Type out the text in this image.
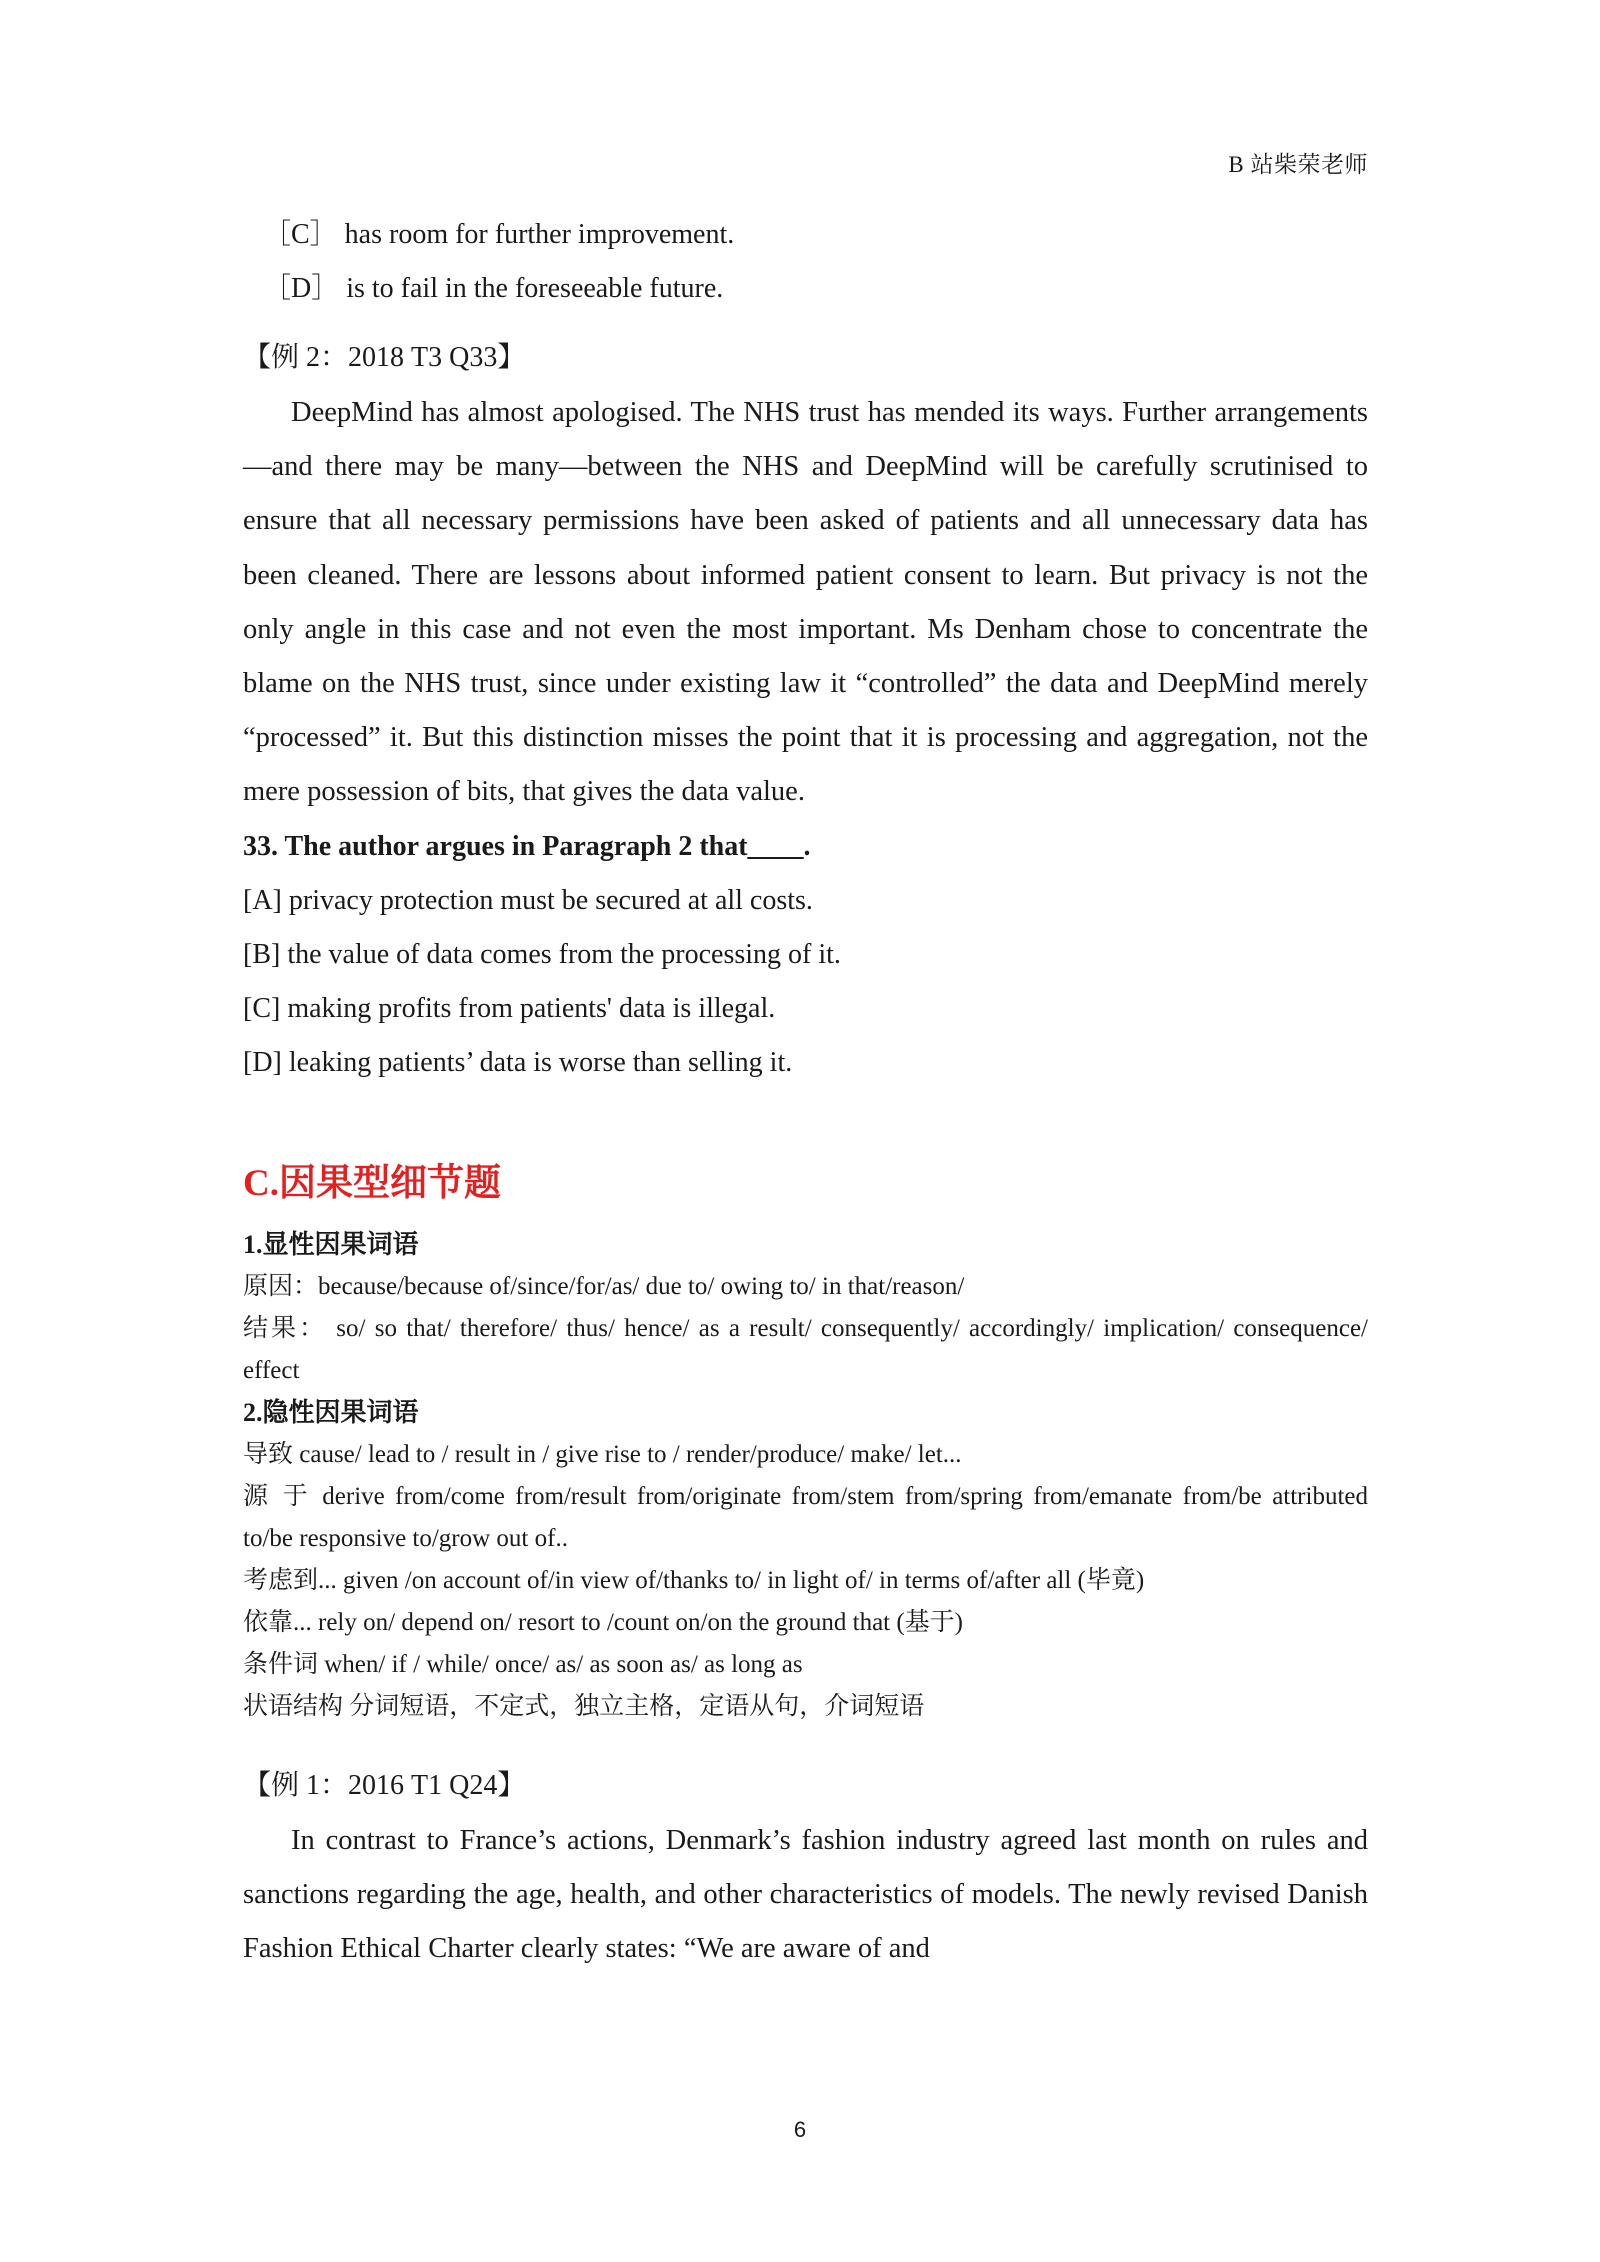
B 站柴荣老师
［C］ has room for further improvement.
［D］ is to fail in the foreseeable future.
【例 2：2018 T3 Q33】

DeepMind has almost apologised. The NHS trust has mended its ways. Further arrangements—and there may be many—between the NHS and DeepMind will be carefully scrutinised to ensure that all necessary permissions have been asked of patients and all unnecessary data has been cleaned. There are lessons about informed patient consent to learn. But privacy is not the only angle in this case and not even the most important. Ms Denham chose to concentrate the blame on the NHS trust, since under existing law it “controlled” the data and DeepMind merely “processed” it. But this distinction misses the point that it is processing and aggregation, not the mere possession of bits, that gives the data value.

33. The author argues in Paragraph 2 that____.
[A] privacy protection must be secured at all costs.
[B] the value of data comes from the processing of it.
[C] making profits from patients' data is illegal.
[D] leaking patients’ data is worse than selling it.
C.因果型细节题
1.显性因果词语
原因：because/because of/since/for/as/ due to/ owing to/ in that/reason/
结果： so/ so that/ therefore/ thus/ hence/ as a result/ consequently/ accordingly/ implication/ consequence/ effect
2.隐性因果词语
导致 cause/ lead to / result in / give rise to / render/produce/ make/ let...
源 于 derive from/come from/result from/originate from/stem from/spring from/emanate from/be attributed to/be responsive to/grow out of..
考虑到... given /on account of/in view of/thanks to/ in light of/ in terms of/after all (毕竟)
依靠... rely on/ depend on/ resort to /count on/on the ground that (基于)
条件词 when/ if / while/ once/ as/ as soon as/ as long as
状语结构 分词短语，不定式，独立主格，定语从句，介词短语
【例 1：2016 T1 Q24】

In contrast to France’s actions, Denmark’s fashion industry agreed last month on rules and sanctions regarding the age, health, and other characteristics of models. The newly revised Danish Fashion Ethical Charter clearly states: “We are aware of and

6
